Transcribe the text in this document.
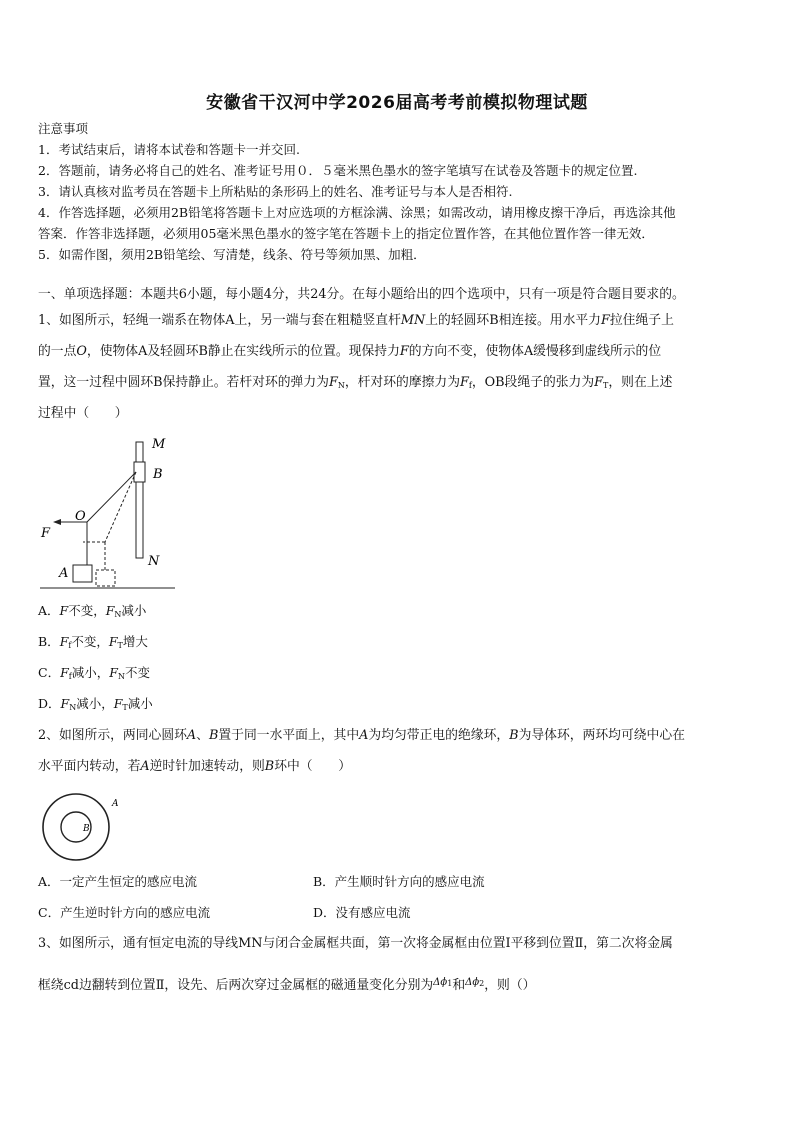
安徽省干汉河中学2026届高考考前模拟物理试题
注意事项
1．考试结束后，请将本试卷和答题卡一并交回.
2．答题前，请务必将自己的姓名、准考证号用０．５毫米黑色墨水的签字笔填写在试卷及答题卡的规定位置.
3．请认真核对监考员在答题卡上所粘贴的条形码上的姓名、准考证号与本人是否相符.
4．作答选择题，必须用2B铅笔将答题卡上对应选项的方框涂满、涂黑；如需改动，请用橡皮擦干净后，再选涂其他
答案．作答非选择题，必须用05毫米黑色墨水的签字笔在答题卡上的指定位置作答，在其他位置作答一律无效．
5．如需作图，须用2B铅笔绘、写清楚，线条、符号等须加黑、加粗．
一、单项选择题：本题共6小题，每小题4分，共24分。在每小题给出的四个选项中，只有一项是符合题目要求的。
1、如图所示，轻绳一端系在物体A上，另一端与套在粗糙竖直杆MN上的轻圆环B相连接。用水平力F拉住绳子上
的一点O，使物体A及轻圆环B静止在实线所示的位置。现保持力F的方向不变，使物体A缓慢移到虚线所示的位
置，这一过程中圆环B保持静止。若杆对环的弹力为$F_N$，杆对环的摩擦力为$F_f$，OB段绳子的张力为$F_T$，则在上述
过程中（　　）
M
B
F
O
A
N
A．F不变，$F_N$减小
B．$F_f$不变，$F_T$增大
C．$F_f$减小，$F_N$不变
D．$F_N$减小，$F_T$减小
2、如图所示，两同心圆环A、B置于同一水平面上，其中A为均匀带正电的绝缘环，B为导体环，两环均可绕中心在
水平面内转动，若A逆时针加速转动，则B环中（　　）
A
B
A．一定产生恒定的感应电流	B．产生顺时针方向的感应电流
C．产生逆时针方向的感应电流	D．没有感应电流
3、如图所示，通有恒定电流的导线MN与闭合金属框共面，第一次将金属框由位置Ⅰ平移到位置Ⅱ，第二次将金属
框绕cd边翻转到位置Ⅱ，设先、后两次穿过金属框的磁通量变化分别为$^{\Delta\phi}_1$和$^{\Delta\phi}_2$，则（）
